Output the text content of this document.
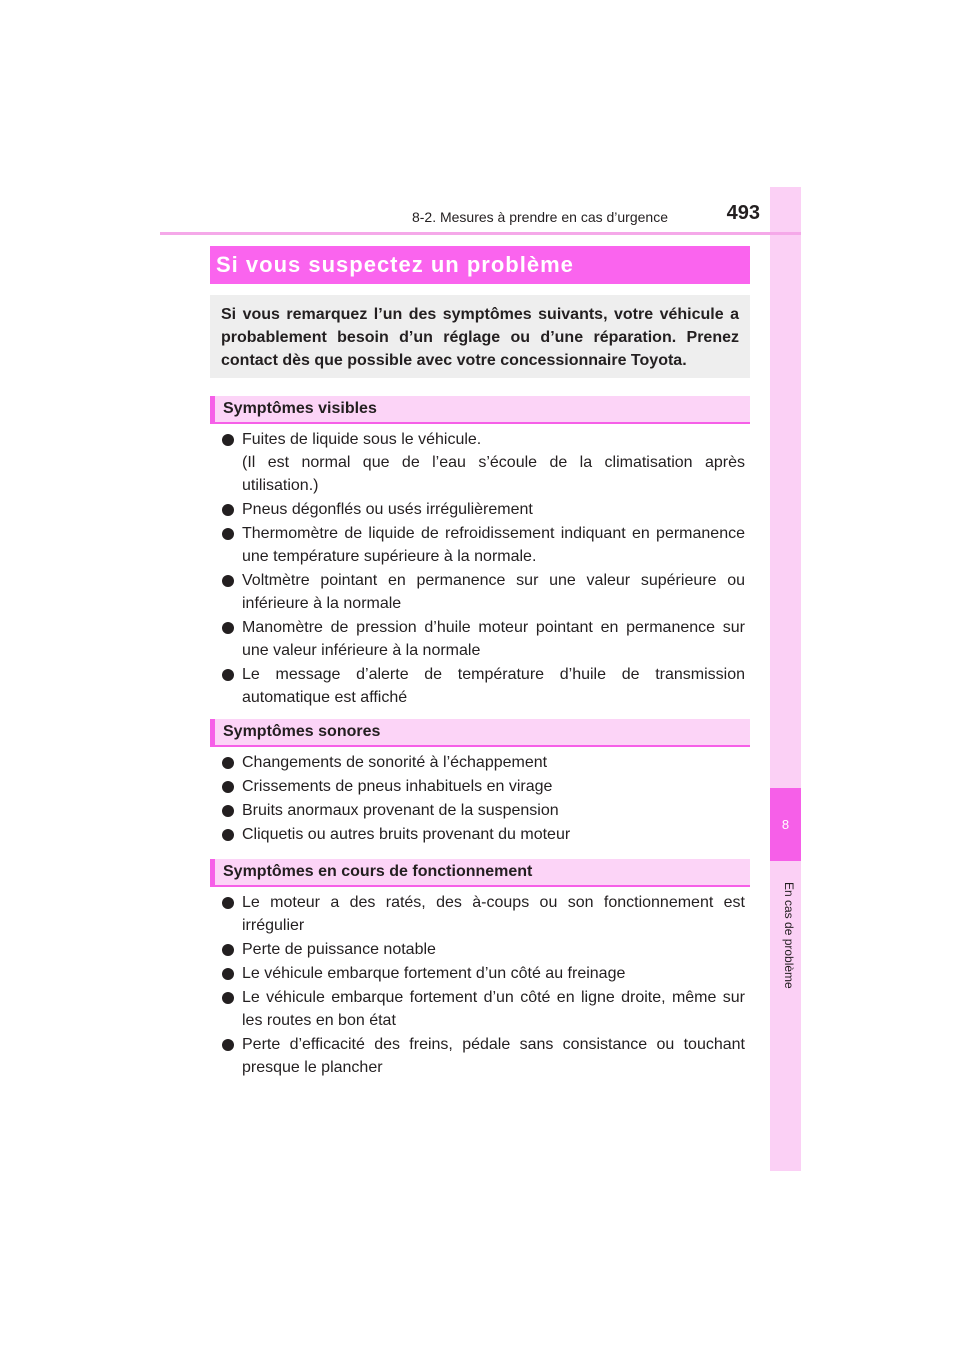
8
En cas de problème
8-2. Mesures à prendre en cas d’urgence	493
Si vous suspectez un problème
Si vous remarquez l’un des symptômes suivants, votre véhicule a probablement besoin d’un réglage ou d’une réparation. Prenez contact dès que possible avec votre concessionnaire Toyota.
Symptômes visibles
Fuites de liquide sous le véhicule.
(Il est normal que de l’eau s’écoule de la climatisation après utilisation.)
Pneus dégonflés ou usés irrégulièrement
Thermomètre de liquide de refroidissement indiquant en permanence une température supérieure à la normale.
Voltmètre pointant en permanence sur une valeur supérieure ou inférieure à la normale
Manomètre de pression d’huile moteur pointant en permanence sur une valeur inférieure à la normale
Le message d’alerte de température d’huile de transmission automatique est affiché
Symptômes sonores
Changements de sonorité à l’échappement
Crissements de pneus inhabituels en virage
Bruits anormaux provenant de la suspension
Cliquetis ou autres bruits provenant du moteur
Symptômes en cours de fonctionnement
Le moteur a des ratés, des à-coups ou son fonctionnement est irrégulier
Perte de puissance notable
Le véhicule embarque fortement d’un côté au freinage
Le véhicule embarque fortement d’un côté en ligne droite, même sur les routes en bon état
Perte d’efficacité des freins, pédale sans consistance ou touchant presque le plancher
